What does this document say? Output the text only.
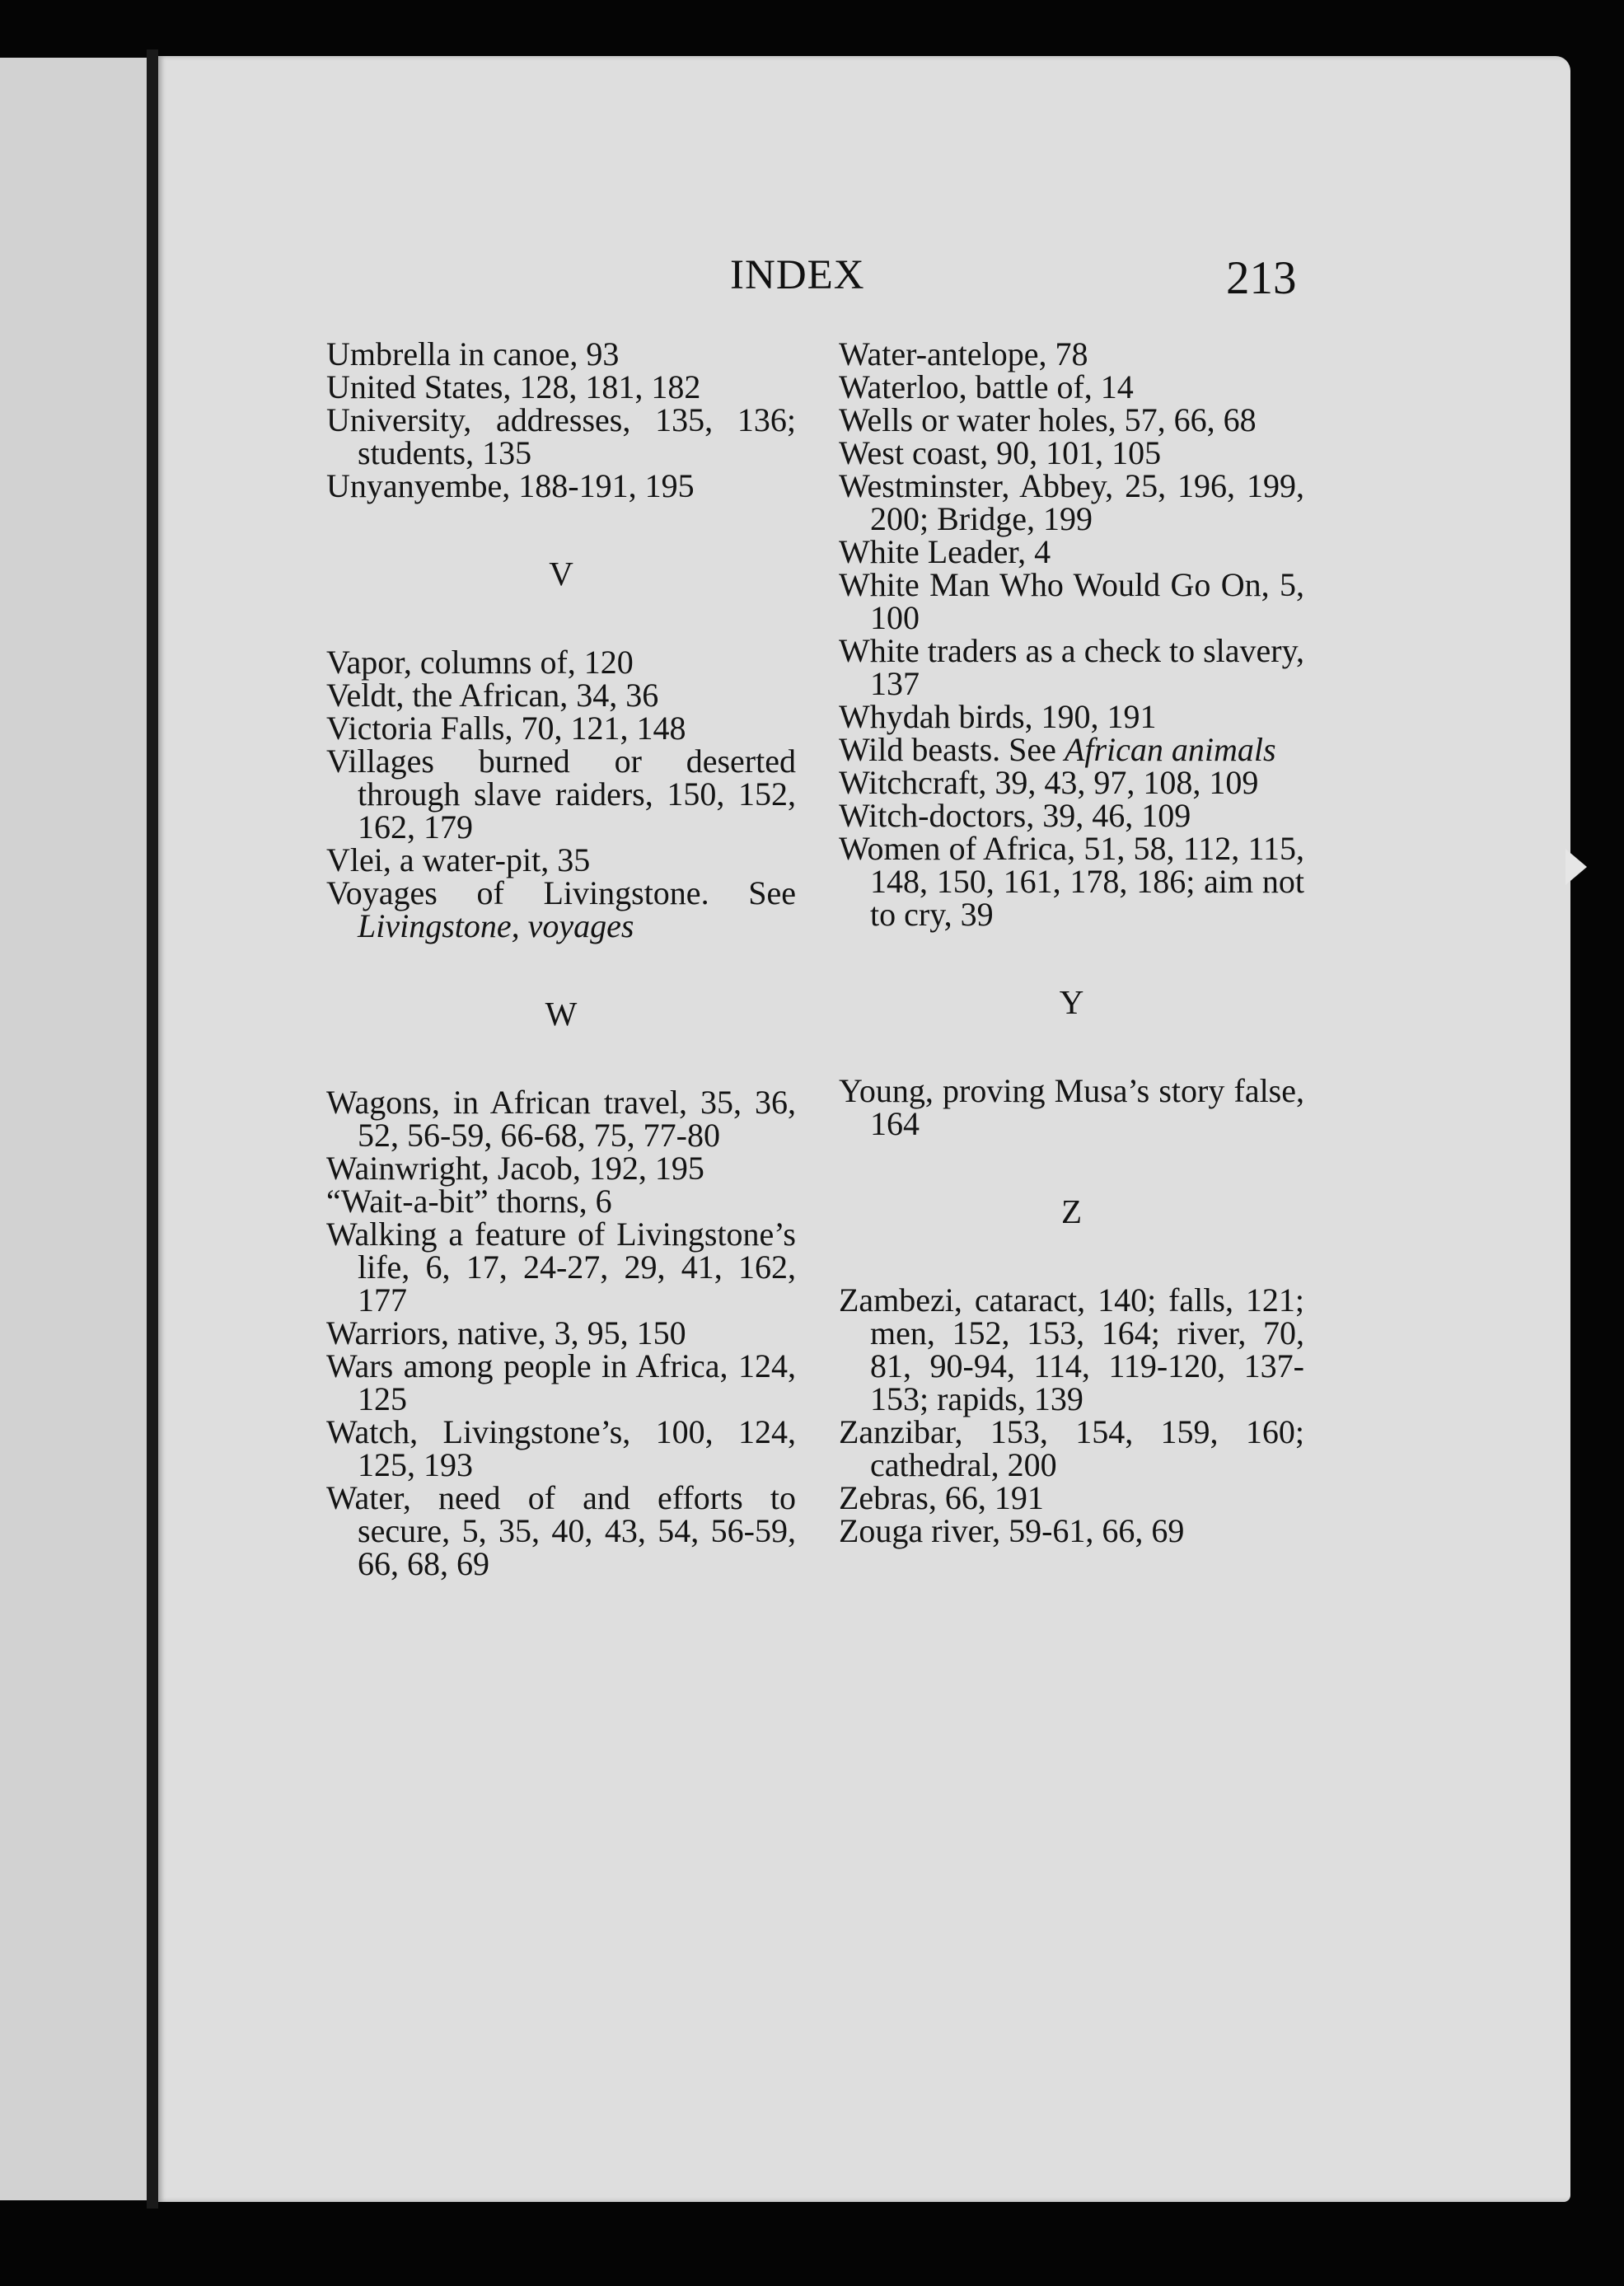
INDEX	213

Umbrella in canoe, 93

United States, 128, 181, 182

University, addresses, 135, 136; students, 135

Unyanyembe, 188-191, 195

V

Vapor, columns of, 120

Veldt, the African, 34, 36

Victoria Falls, 70, 121, 148

Villages burned or deserted through slave raiders, 150, 152, 162, 179

Vlei, a water-pit, 35

Voyages of Livingstone. See Livingstone, voyages

W

Wagons, in African travel, 35, 36, 52, 56-59, 66-68, 75, 77-80

Wainwright, Jacob, 192, 195

“Wait-a-bit” thorns, 6

Walking a feature of Livingstone’s life, 6, 17, 24-27, 29, 41, 162, 177

Warriors, native, 3, 95, 150

Wars among people in Africa, 124, 125

Watch, Livingstone’s, 100, 124, 125, 193

Water, need of and efforts to secure, 5, 35, 40, 43, 54, 56-59, 66, 68, 69

Water-antelope, 78

Waterloo, battle of, 14

Wells or water holes, 57, 66, 68

West coast, 90, 101, 105

Westminster, Abbey, 25, 196, 199, 200; Bridge, 199

White Leader, 4

White Man Who Would Go On, 5, 100

White traders as a check to slavery, 137

Whydah birds, 190, 191

Wild beasts. See African animals

Witchcraft, 39, 43, 97, 108, 109

Witch-doctors, 39, 46, 109

Women of Africa, 51, 58, 112, 115, 148, 150, 161, 178, 186; aim not to cry, 39

Y

Young, proving Musa’s story false, 164

Z

Zambezi, cataract, 140; falls, 121; men, 152, 153, 164; river, 70, 81, 90-94, 114, 119-120, 137-153; rapids, 139

Zanzibar, 153, 154, 159, 160; cathedral, 200

Zebras, 66, 191

Zouga river, 59-61, 66, 69
